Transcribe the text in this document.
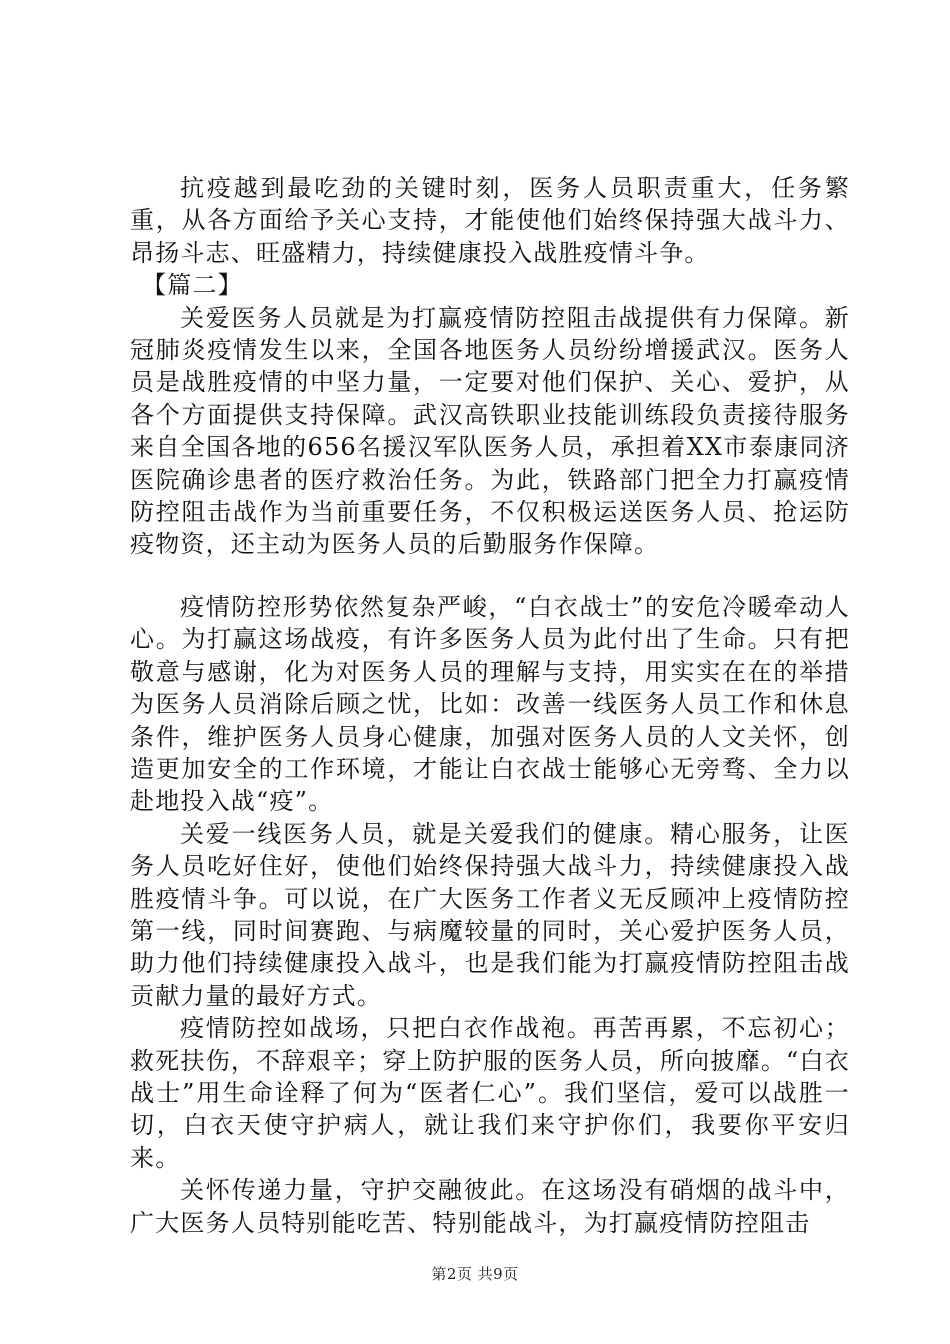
抗疫越到最吃劲的关键时刻，医务人员职责重大，任务繁重，从各方面给予关心支持，才能使他们始终保持强大战斗力、昂扬斗志、旺盛精力，持续健康投入战胜疫情斗争。

【篇二】

关爱医务人员就是为打赢疫情防控阻击战提供有力保障。新冠肺炎疫情发生以来，全国各地医务人员纷纷增援武汉。医务人员是战胜疫情的中坚力量，一定要对他们保护、关心、爱护，从各个方面提供支持保障。武汉高铁职业技能训练段负责接待服务来自全国各地的656名援汉军队医务人员，承担着XX市泰康同济医院确诊患者的医疗救治任务。为此，铁路部门把全力打赢疫情防控阻击战作为当前重要任务，不仅积极运送医务人员、抢运防疫物资，还主动为医务人员的后勤服务作保障。

疫情防控形势依然复杂严峻，“白衣战士”的安危冷暖牵动人心。为打赢这场战疫，有许多医务人员为此付出了生命。只有把敬意与感谢，化为对医务人员的理解与支持，用实实在在的举措为医务人员消除后顾之忧，比如：改善一线医务人员工作和休息条件，维护医务人员身心健康，加强对医务人员的人文关怀，创造更加安全的工作环境，才能让白衣战士能够心无旁骛、全力以赴地投入战“疫”。

关爱一线医务人员，就是关爱我们的健康。精心服务，让医务人员吃好住好，使他们始终保持强大战斗力，持续健康投入战胜疫情斗争。可以说，在广大医务工作者义无反顾冲上疫情防控第一线，同时间赛跑、与病魔较量的同时，关心爱护医务人员，助力他们持续健康投入战斗，也是我们能为打赢疫情防控阻击战贡献力量的最好方式。

疫情防控如战场，只把白衣作战袍。再苦再累，不忘初心；救死扶伤，不辞艰辛；穿上防护服的医务人员，所向披靡。“白衣战士”用生命诠释了何为“医者仁心”。我们坚信，爱可以战胜一切，白衣天使守护病人，就让我们来守护你们，我要你平安归来。

关怀传递力量，守护交融彼此。在这场没有硝烟的战斗中，广大医务人员特别能吃苦、特别能战斗，为打赢疫情防控阻击

第2页 共9页
